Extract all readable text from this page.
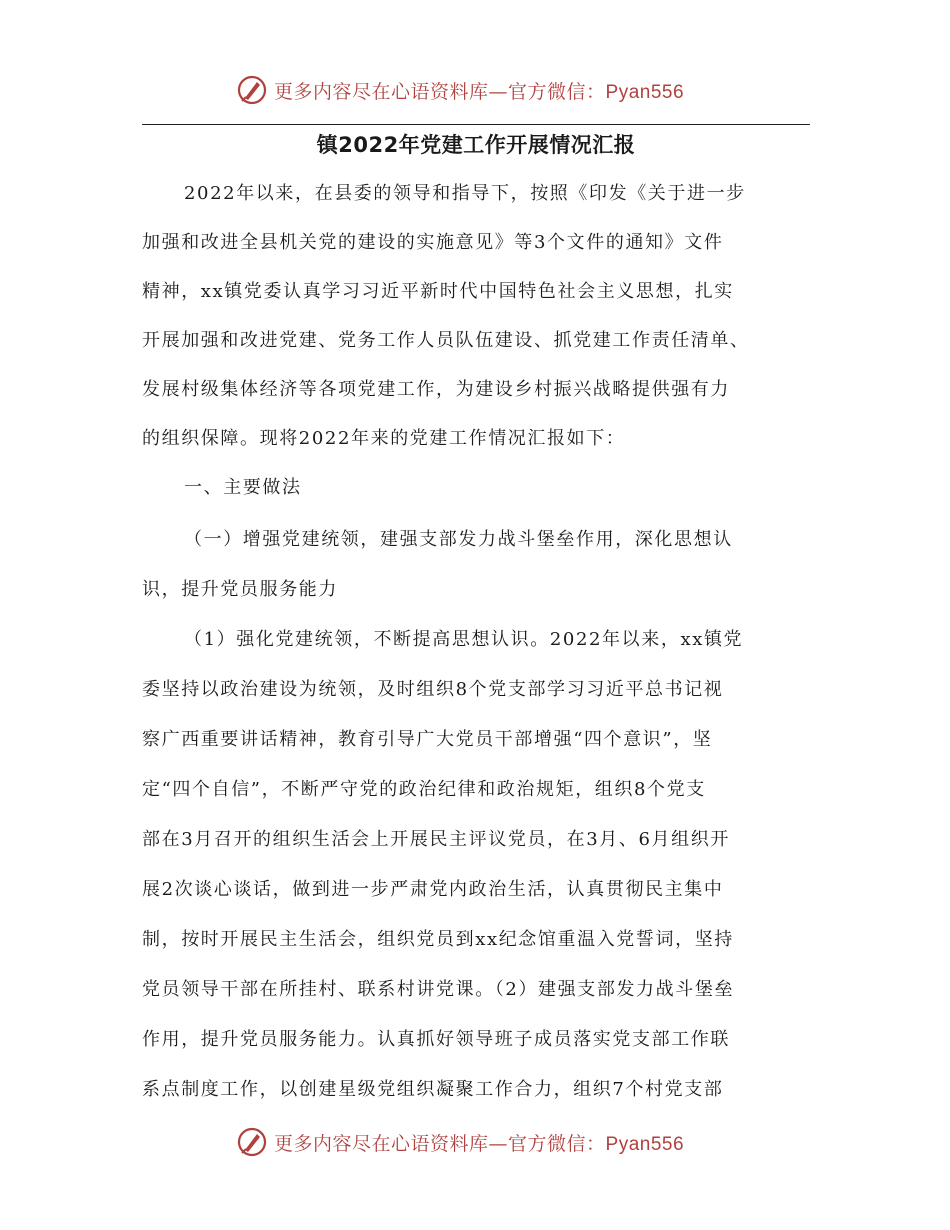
更多内容尽在心语资料库—官方微信：Pyan556
镇2022年党建工作开展情况汇报
2022年以来，在县委的领导和指导下，按照《印发《关于进一步
加强和改进全县机关党的建设的实施意见》等3个文件的通知》文件
精神，xx镇党委认真学习习近平新时代中国特色社会主义思想，扎实
开展加强和改进党建、党务工作人员队伍建设、抓党建工作责任清单、
发展村级集体经济等各项党建工作，为建设乡村振兴战略提供强有力
的组织保障。现将2022年来的党建工作情况汇报如下：
一、主要做法
（一）增强党建统领，建强支部发力战斗堡垒作用，深化思想认
识，提升党员服务能力
（1）强化党建统领，不断提高思想认识。2022年以来，xx镇党
委坚持以政治建设为统领，及时组织8个党支部学习习近平总书记视
察广西重要讲话精神，教育引导广大党员干部增强“四个意识”，坚
定“四个自信”，不断严守党的政治纪律和政治规矩，组织8个党支
部在3月召开的组织生活会上开展民主评议党员，在3月、6月组织开
展2次谈心谈话，做到进一步严肃党内政治生活，认真贯彻民主集中
制，按时开展民主生活会，组织党员到xx纪念馆重温入党誓词，坚持
党员领导干部在所挂村、联系村讲党课。（2）建强支部发力战斗堡垒
作用，提升党员服务能力。认真抓好领导班子成员落实党支部工作联
系点制度工作，以创建星级党组织凝聚工作合力，组织7个村党支部
更多内容尽在心语资料库—官方微信：Pyan556
